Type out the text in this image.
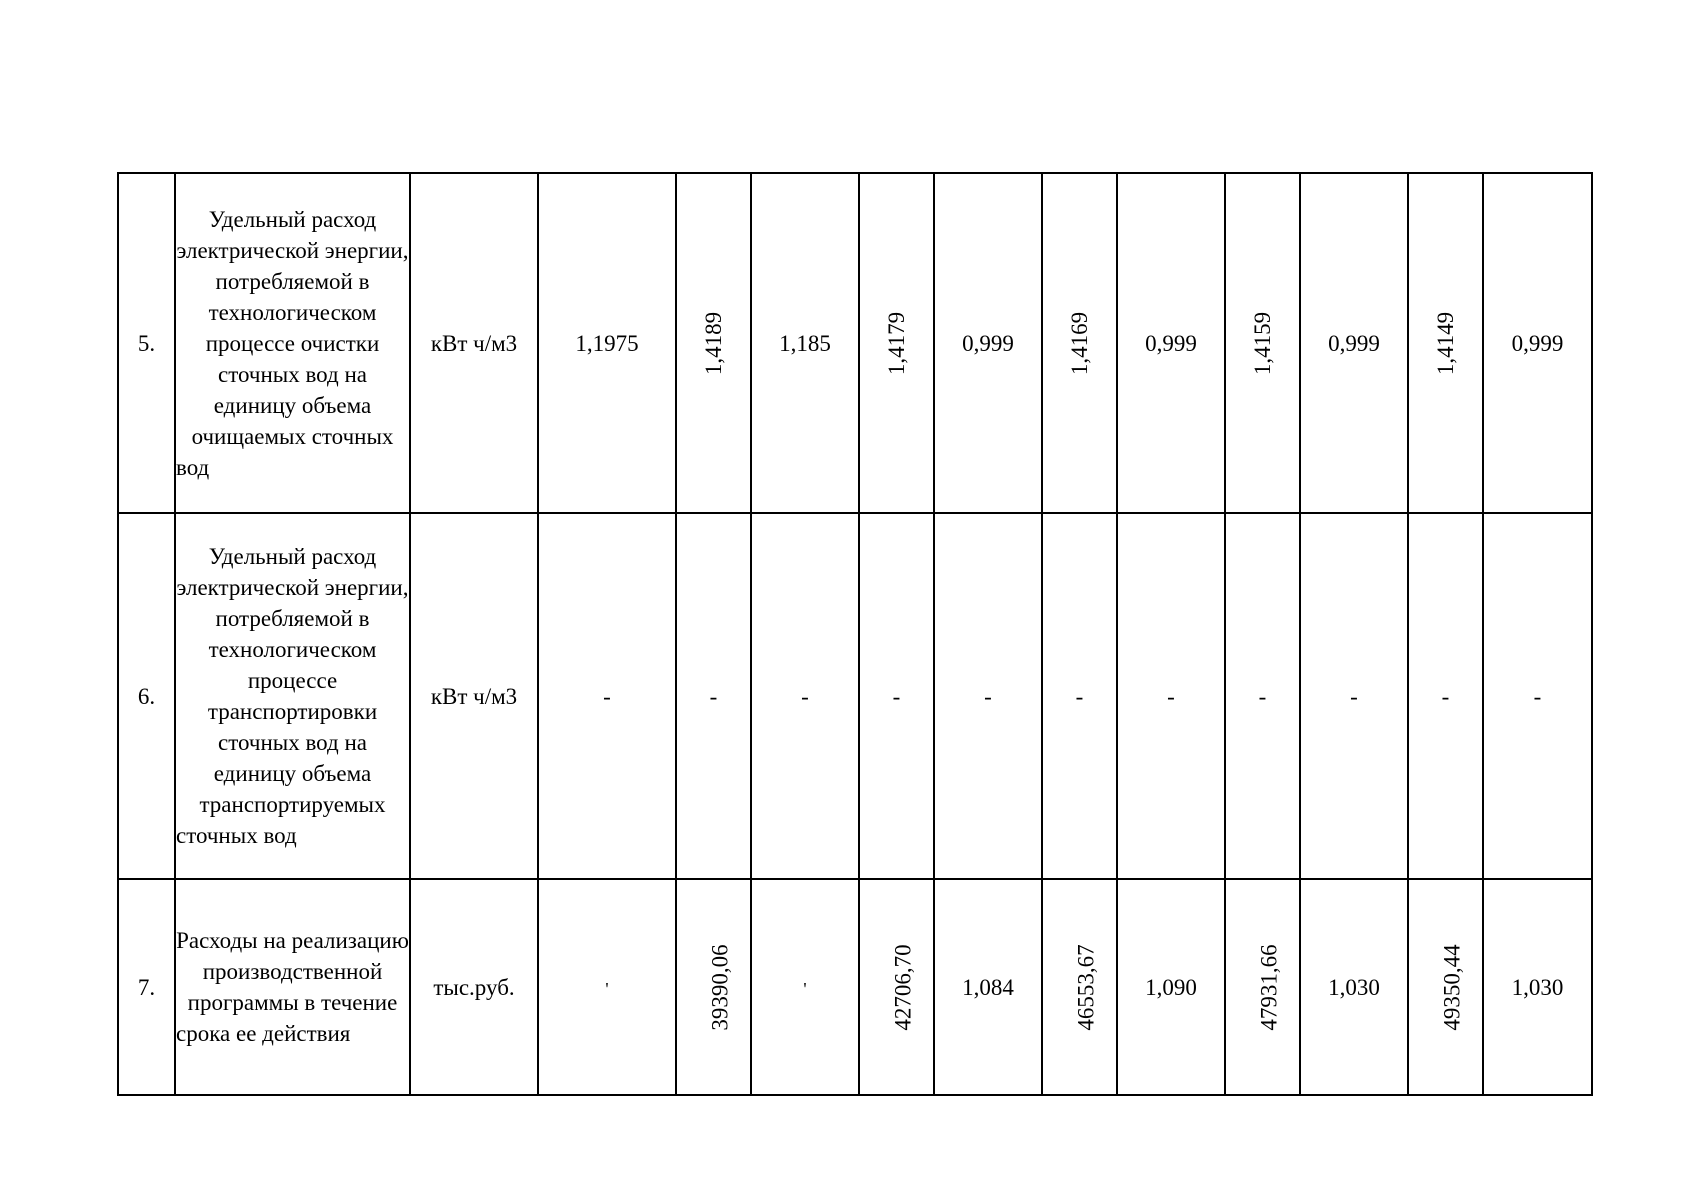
5.	Удельный расход электрической энергии, потребляемой в технологическом процессе очистки сточных вод на единицу объема очищаемых сточных вод	кВт ч/м3	1,1975	1,4189	1,185	1,4179	0,999	1,4169	0,999	1,4159	0,999	1,4149	0,999
6.	Удельный расход электрической энергии, потребляемой в технологическом процессе транспортировки сточных вод на единицу объема транспортируемых сточных вод	кВт ч/м3	-	-	-	-	-	-	-	-	-	-	-
7.	Расходы на реализацию производственной программы в течение срока ее действия	тыс.руб.	'	39390,06	'	42706,70	1,084	46553,67	1,090	47931,66	1,030	49350,44	1,030
